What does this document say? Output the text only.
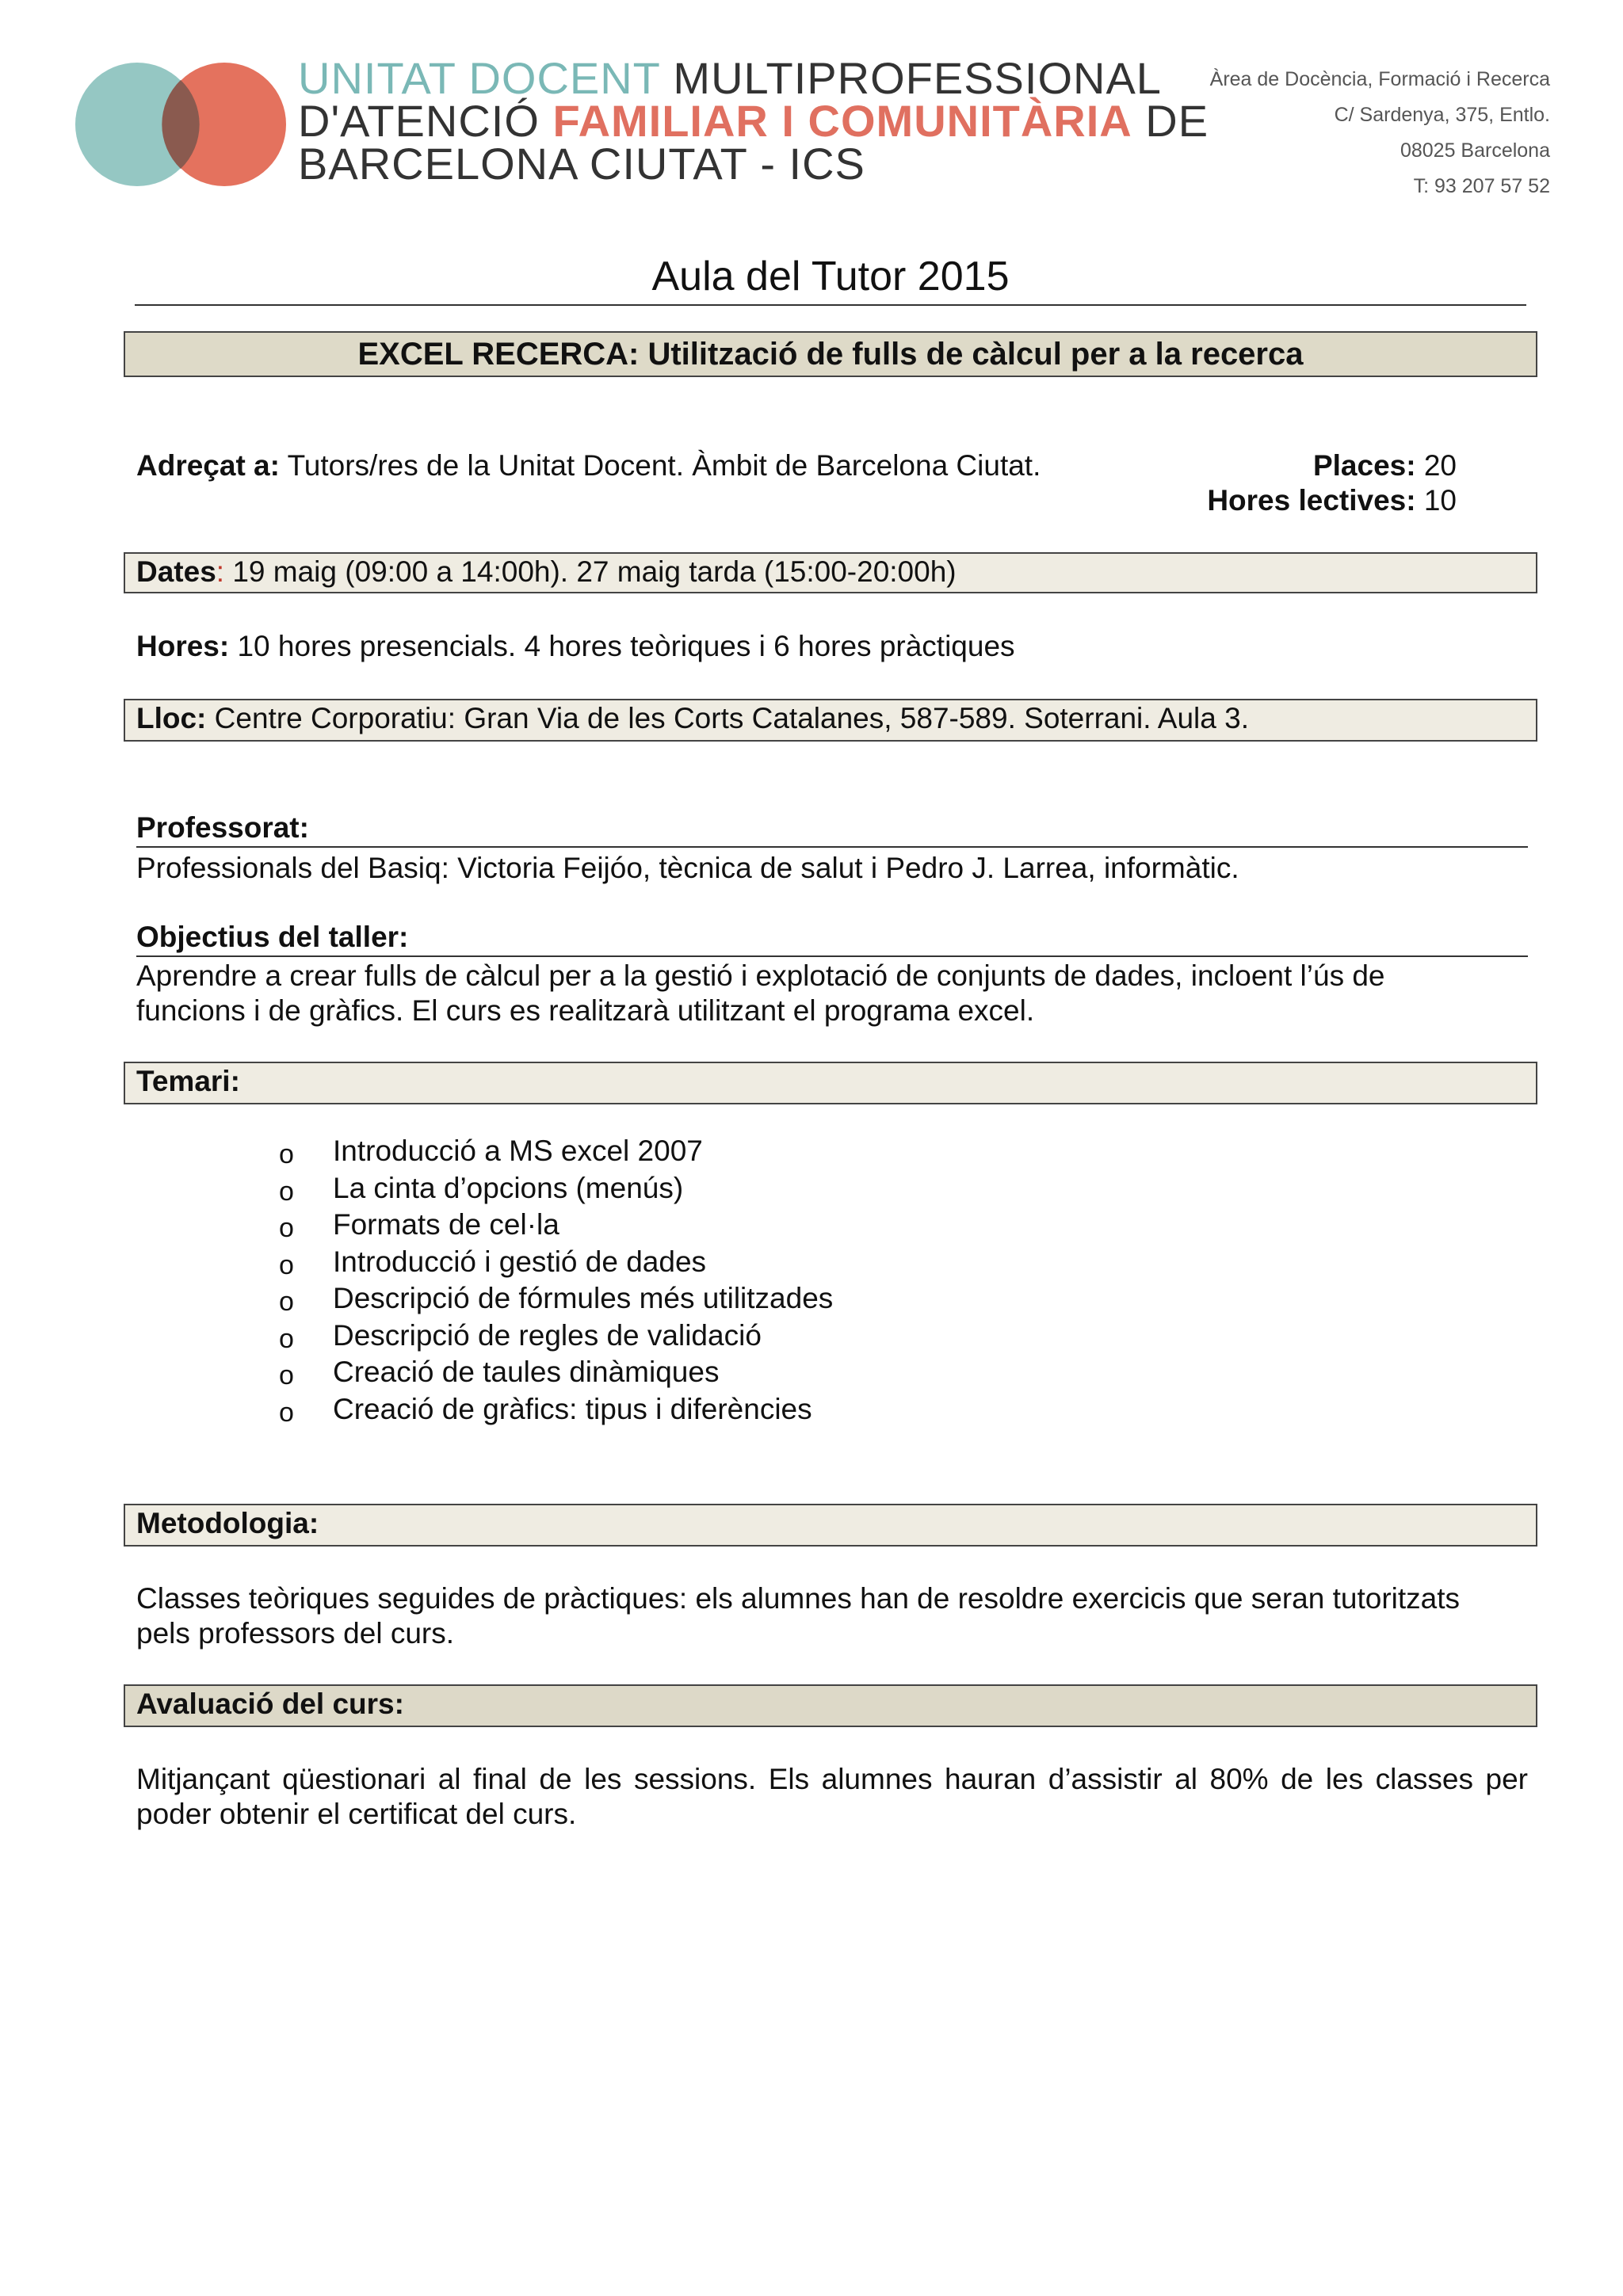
UNITAT DOCENT MULTIPROFESSIONAL
D'ATENCIÓ FAMILIAR I COMUNITÀRIA DE
BARCELONA CIUTAT - ICS
Àrea de Docència, Formació i Recerca
C/ Sardenya, 375, Entlo.
08025 Barcelona
T: 93 207 57 52
Aula del Tutor 2015
EXCEL RECERCA: Utilització de fulls de càlcul per a la recerca
Adreçat a: Tutors/res de la Unitat Docent. Àmbit de Barcelona Ciutat.	Places: 20
Hores lectives: 10
Dates: 19 maig (09:00 a 14:00h). 27 maig tarda (15:00-20:00h)
Hores: 10 hores presencials. 4 hores teòriques i 6 hores pràctiques
Lloc: Centre Corporatiu: Gran Via de les Corts Catalanes, 587-589. Soterrani. Aula 3.
Professorat:
Professionals del Basiq: Victoria Feijóo, tècnica de salut i Pedro J. Larrea, informàtic.
Objectius del taller:
Aprendre a crear fulls de càlcul per a la gestió i explotació de conjunts de dades, incloent l’ús de
funcions i de gràfics. El curs es realitzarà utilitzant el programa excel.
Temari:
o Introducció a MS excel 2007
o La cinta d’opcions (menús)
o Formats de cel·la
o Introducció i gestió de dades
o Descripció de fórmules més utilitzades
o Descripció de regles de validació
o Creació de taules dinàmiques
o Creació de gràfics: tipus i diferències
Metodologia:
Classes teòriques seguides de pràctiques: els alumnes han de resoldre exercicis que seran tutoritzats
pels professors del curs.
Avaluació del curs:
Mitjançant qüestionari al final de les sessions. Els alumnes hauran d’assistir al 80% de les classes per
poder obtenir el certificat del curs.
